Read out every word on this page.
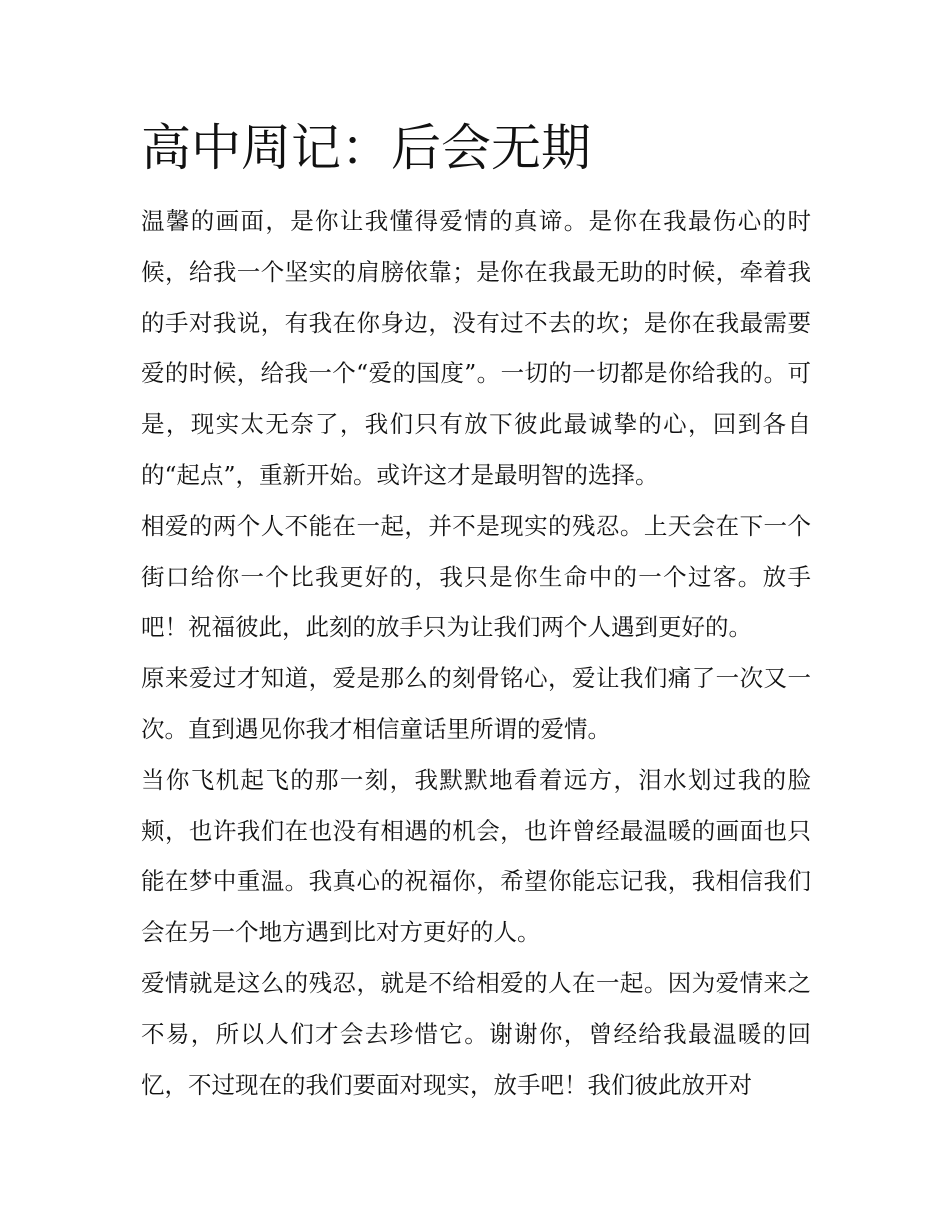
高中周记：后会无期

温馨的画面，是你让我懂得爱情的真谛。是你在我最伤心的时候，给我一个坚实的肩膀依靠；是你在我最无助的时候，牵着我的手对我说，有我在你身边，没有过不去的坎；是你在我最需要爱的时候，给我一个“爱的国度”。一切的一切都是你给我的。可是，现实太无奈了，我们只有放下彼此最诚挚的心，回到各自的“起点”，重新开始。或许这才是最明智的选择。

相爱的两个人不能在一起，并不是现实的残忍。上天会在下一个街口给你一个比我更好的，我只是你生命中的一个过客。放手吧！祝福彼此，此刻的放手只为让我们两个人遇到更好的。

原来爱过才知道，爱是那么的刻骨铭心，爱让我们痛了一次又一次。直到遇见你我才相信童话里所谓的爱情。

当你飞机起飞的那一刻，我默默地看着远方，泪水划过我的脸颊，也许我们在也没有相遇的机会，也许曾经最温暖的画面也只能在梦中重温。我真心的祝福你，希望你能忘记我，我相信我们会在另一个地方遇到比对方更好的人。

爱情就是这么的残忍，就是不给相爱的人在一起。因为爱情来之不易，所以人们才会去珍惜它。谢谢你，曾经给我最温暖的回忆，不过现在的我们要面对现实，放手吧！我们彼此放开对
